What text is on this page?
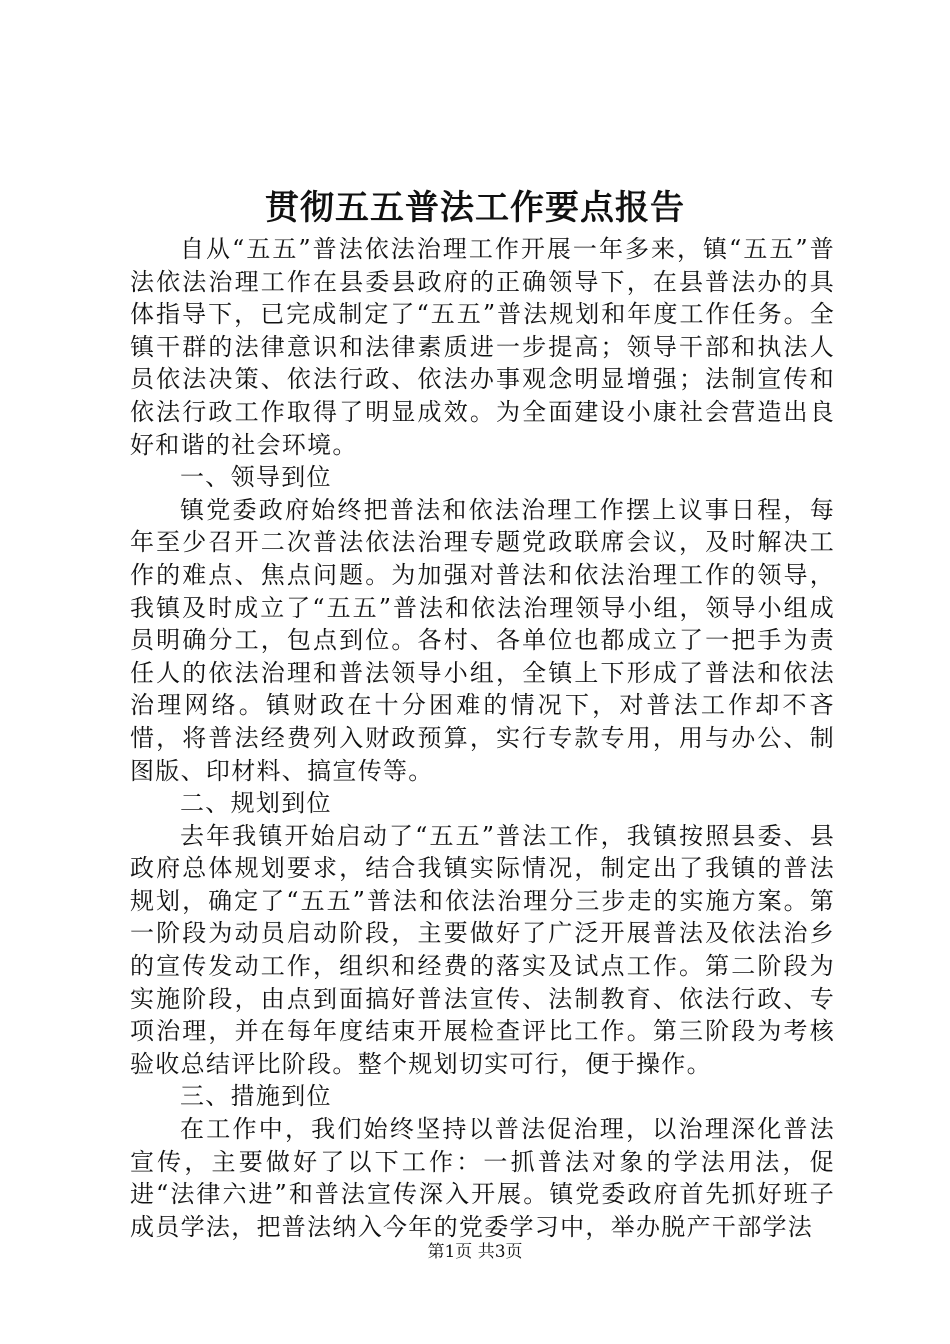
贯彻五五普法工作要点报告

自从“五五”普法依法治理工作开展一年多来，镇“五五”普法依法治理工作在县委县政府的正确领导下，在县普法办的具体指导下，已完成制定了“五五”普法规划和年度工作任务。全镇干群的法律意识和法律素质进一步提高；领导干部和执法人员依法决策、依法行政、依法办事观念明显增强；法制宣传和依法行政工作取得了明显成效。为全面建设小康社会营造出良好和谐的社会环境。

一、领导到位

镇党委政府始终把普法和依法治理工作摆上议事日程，每年至少召开二次普法依法治理专题党政联席会议，及时解决工作的难点、焦点问题。为加强对普法和依法治理工作的领导，我镇及时成立了“五五”普法和依法治理领导小组，领导小组成员明确分工，包点到位。各村、各单位也都成立了一把手为责任人的依法治理和普法领导小组，全镇上下形成了普法和依法治理网络。镇财政在十分困难的情况下，对普法工作却不吝惜，将普法经费列入财政预算，实行专款专用，用与办公、制图版、印材料、搞宣传等。

二、规划到位

去年我镇开始启动了“五五”普法工作，我镇按照县委、县政府总体规划要求，结合我镇实际情况，制定出了我镇的普法规划，确定了“五五”普法和依法治理分三步走的实施方案。第一阶段为动员启动阶段，主要做好了广泛开展普法及依法治乡的宣传发动工作，组织和经费的落实及试点工作。第二阶段为实施阶段，由点到面搞好普法宣传、法制教育、依法行政、专项治理，并在每年度结束开展检查评比工作。第三阶段为考核验收总结评比阶段。整个规划切实可行，便于操作。

三、措施到位

在工作中，我们始终坚持以普法促治理，以治理深化普法宣传，主要做好了以下工作：一抓普法对象的学法用法，促进“法律六进”和普法宣传深入开展。镇党委政府首先抓好班子成员学法，把普法纳入今年的党委学习中，举办脱产干部学法

第1页 共3页
